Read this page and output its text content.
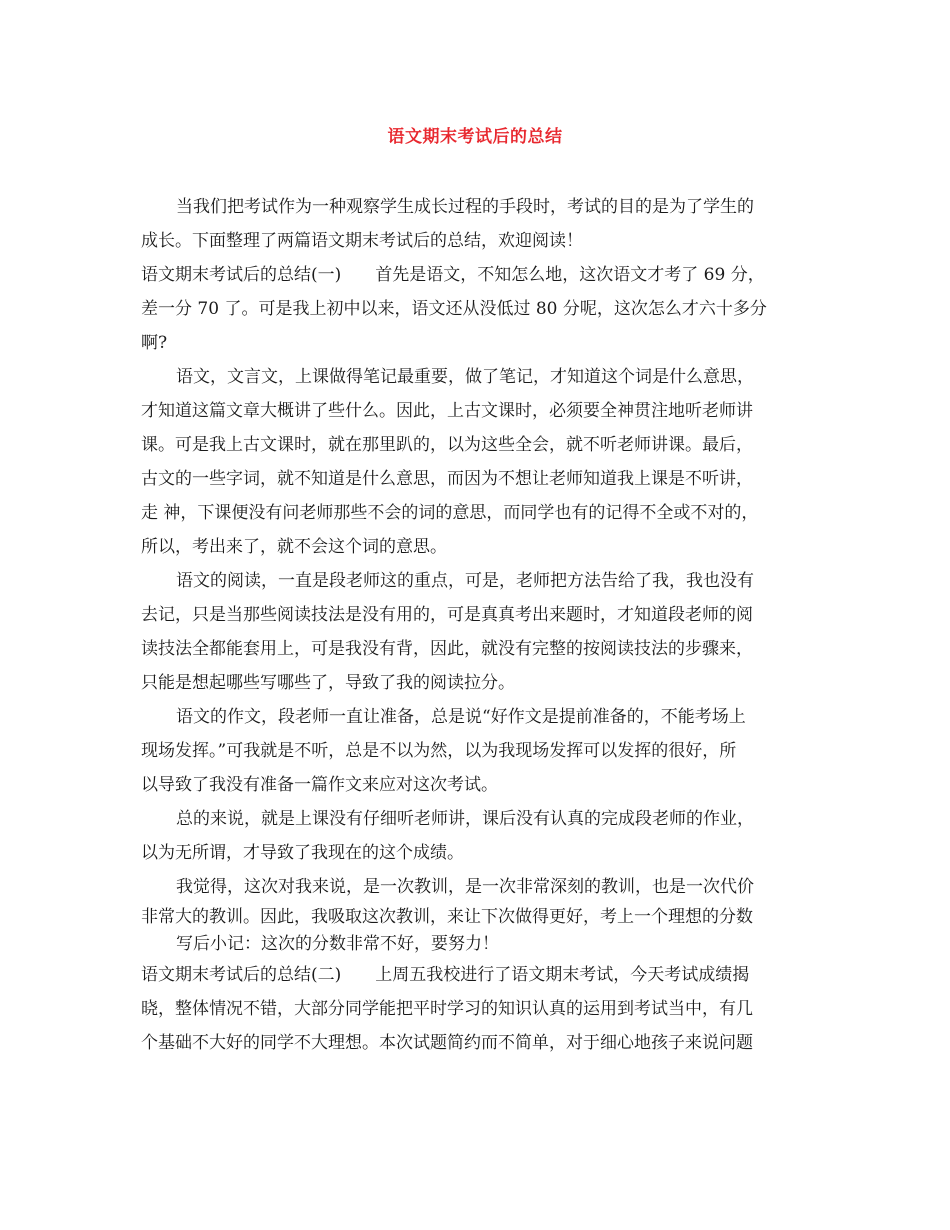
语文期末考试后的总结
当我们把考试作为一种观察学生成长过程的手段时，考试的目的是为了学生的
成长。下面整理了两篇语文期末考试后的总结，欢迎阅读！
语文期末考试后的总结(一)　　首先是语文，不知怎么地，这次语文才考了 69 分，
差一分 70 了。可是我上初中以来，语文还从没低过 80 分呢，这次怎么才六十多分
啊?
语文，文言文，上课做得笔记最重要，做了笔记，才知道这个词是什么意思，
才知道这篇文章大概讲了些什么。因此，上古文课时，必须要全神贯注地听老师讲
课。可是我上古文课时，就在那里趴的，以为这些全会，就不听老师讲课。最后，
古文的一些字词，就不知道是什么意思，而因为不想让老师知道我上课是不听讲，
走 神，下课便没有问老师那些不会的词的意思，而同学也有的记得不全或不对的，
所以，考出来了，就不会这个词的意思。
语文的阅读，一直是段老师这的重点，可是，老师把方法告给了我，我也没有
去记，只是当那些阅读技法是没有用的，可是真真考出来题时，才知道段老师的阅
读技法全都能套用上，可是我没有背，因此，就没有完整的按阅读技法的步骤来，
只能是想起哪些写哪些了，导致了我的阅读拉分。
语文的作文，段老师一直让准备，总是说“好作文是提前准备的，不能考场上
现场发挥。”可我就是不听，总是不以为然，以为我现场发挥可以发挥的很好，所
以导致了我没有准备一篇作文来应对这次考试。
总的来说，就是上课没有仔细听老师讲，课后没有认真的完成段老师的作业，
以为无所谓，才导致了我现在的这个成绩。
我觉得，这次对我来说，是一次教训，是一次非常深刻的教训，也是一次代价
非常大的教训。因此，我吸取这次教训，来让下次做得更好，考上一个理想的分数
写后小记：这次的分数非常不好，要努力！
语文期末考试后的总结(二)　　上周五我校进行了语文期末考试，今天考试成绩揭
晓，整体情况不错，大部分同学能把平时学习的知识认真的运用到考试当中，有几
个基础不大好的同学不大理想。本次试题简约而不简单，对于细心地孩子来说问题
